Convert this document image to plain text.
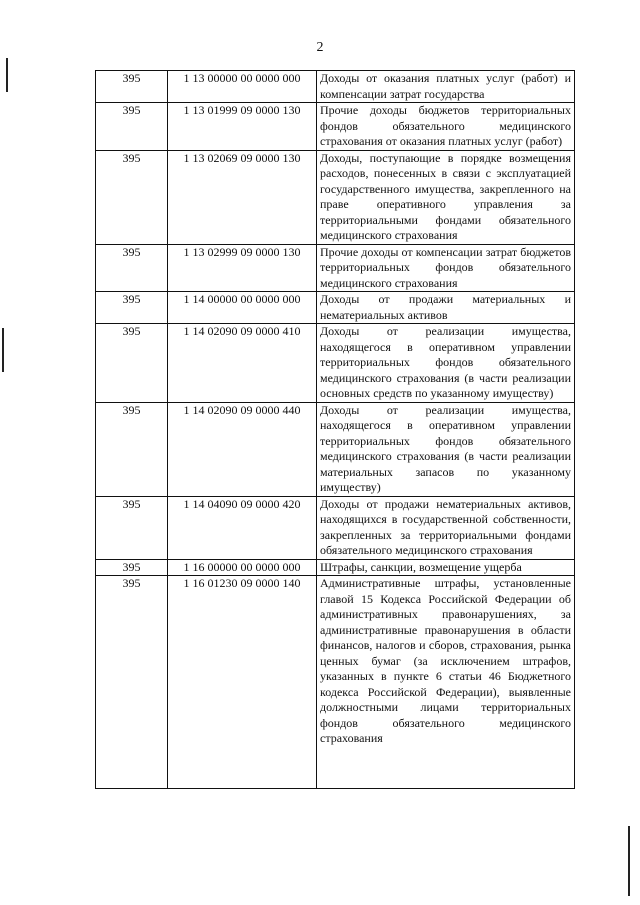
2
395	1 13 00000 00 0000 000	Доходы от оказания платных услуг (работ) и компенсации затрат государства
395	1 13 01999 09 0000 130	Прочие доходы бюджетов территориальных фондов обязательного медицинского страхования от оказания платных услуг (работ)
395	1 13 02069 09 0000 130	Доходы, поступающие в порядке возмещения расходов, понесенных в связи с эксплуатацией государственного имущества, закрепленного на праве оперативного управления за территориальными фондами обязательного медицинского страхования
395	1 13 02999 09 0000 130	Прочие доходы от компенсации затрат бюджетов территориальных фондов обязательного медицинского страхования
395	1 14 00000 00 0000 000	Доходы от продажи материальных и нематериальных активов
395	1 14 02090 09 0000 410	Доходы от реализации имущества, находящегося в оперативном управлении территориальных фондов обязательного медицинского страхования (в части реализации основных средств по указанному имуществу)
395	1 14 02090 09 0000 440	Доходы от реализации имущества, находящегося в оперативном управлении территориальных фондов обязательного медицинского страхования (в части реализации материальных запасов по указанному имуществу)
395	1 14 04090 09 0000 420	Доходы от продажи нематериальных активов, находящихся в государственной собственности, закрепленных за территориальными фондами обязательного медицинского страхования
395	1 16 00000 00 0000 000	Штрафы, санкции, возмещение ущерба
395	1 16 01230 09 0000 140	Административные штрафы, установленные главой 15 Кодекса Российской Федерации об административных правонарушениях, за административные правонарушения в области финансов, налогов и сборов, страхования, рынка ценных бумаг (за исключением штрафов, указанных в пункте 6 статьи 46 Бюджетного кодекса Российской Федерации), выявленные должностными лицами территориальных фондов обязательного медицинского страхования
